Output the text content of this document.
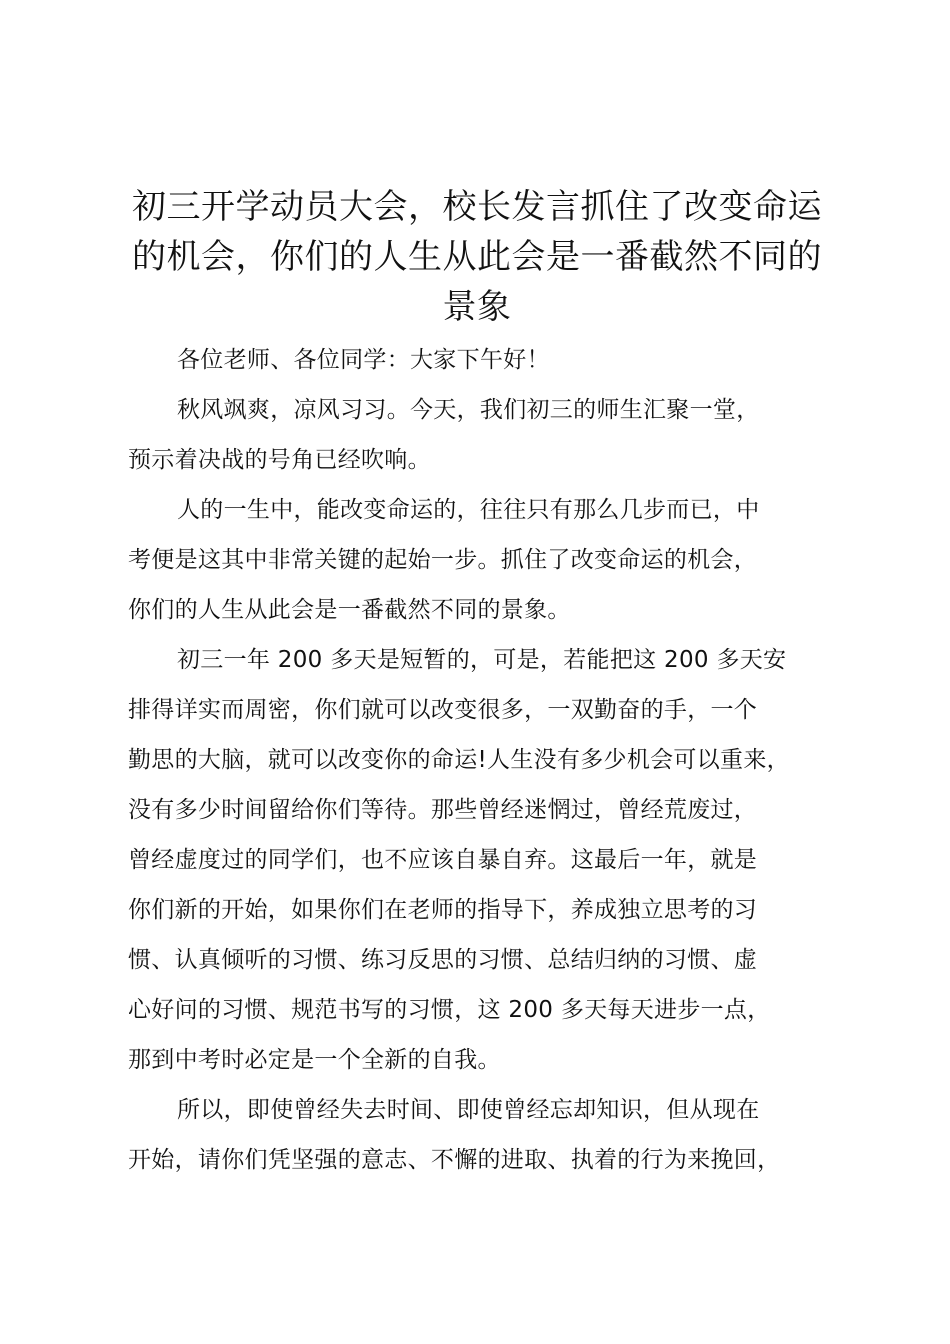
初三开学动员大会，校长发言抓住了改变命运
的机会，你们的人生从此会是一番截然不同的
景象

各位老师、各位同学：大家下午好！

秋风飒爽，凉风习习。今天，我们初三的师生汇聚一堂，
预示着决战的号角已经吹响。

人的一生中，能改变命运的，往往只有那么几步而已，中
考便是这其中非常关键的起始一步。抓住了改变命运的机会，
你们的人生从此会是一番截然不同的景象。

初三一年 200 多天是短暂的，可是，若能把这 200 多天安
排得详实而周密，你们就可以改变很多，一双勤奋的手，一个
勤思的大脑，就可以改变你的命运!人生没有多少机会可以重来，
没有多少时间留给你们等待。那些曾经迷惘过，曾经荒废过，
曾经虚度过的同学们，也不应该自暴自弃。这最后一年，就是
你们新的开始，如果你们在老师的指导下，养成独立思考的习
惯、认真倾听的习惯、练习反思的习惯、总结归纳的习惯、虚
心好问的习惯、规范书写的习惯，这 200 多天每天进步一点，
那到中考时必定是一个全新的自我。

所以，即使曾经失去时间、即使曾经忘却知识，但从现在
开始，请你们凭坚强的意志、不懈的进取、执着的行为来挽回，
